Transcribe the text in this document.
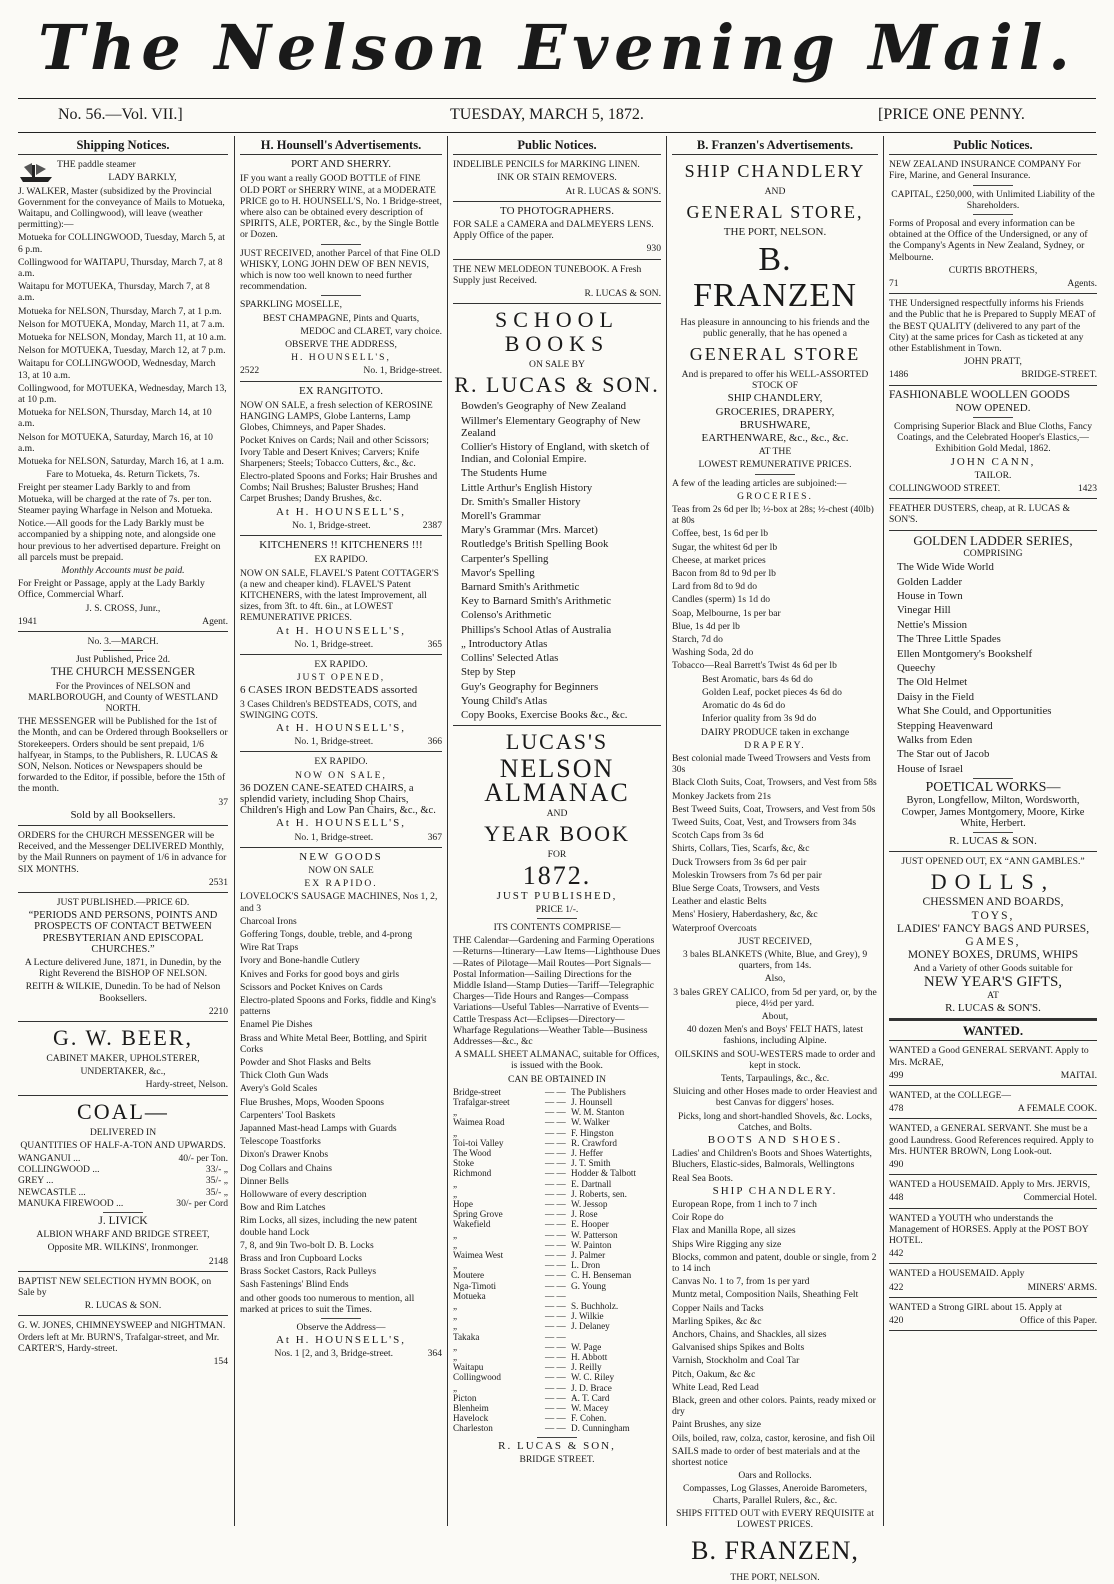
The Nelson Evening Mail.
No. 56.—Vol. VII.]	TUESDAY, MARCH 5, 1872.	[PRICE ONE PENNY.
Shipping Notices.

THE paddle steamer

LADY BARKLY,

J. WALKER, Master (subsidized by the Provincial Government for the conveyance of Mails to Motueka, Waitapu, and Collingwood), will leave (weather permitting):—

Motueka for COLLINGWOOD, Tuesday, March 5, at 6 p.m.

Collingwood for WAITAPU, Thursday, March 7, at 8 a.m.

Waitapu for MOTUEKA, Thursday, March 7, at 8 a.m.

Motueka for NELSON, Thursday, March 7, at 1 p.m.

Nelson for MOTUEKA, Monday, March 11, at 7 a.m.

Motueka for NELSON, Monday, March 11, at 10 a.m.

Nelson for MOTUEKA, Tuesday, March 12, at 7 p.m.

Waitapu for COLLINGWOOD, Wednesday, March 13, at 10 a.m.

Collingwood, for MOTUEKA, Wednesday, March 13, at 10 p.m.

Motueka for NELSON, Thursday, March 14, at 10 a.m.

Nelson for MOTUEKA, Saturday, March 16, at 10 a.m.

Motueka for NELSON, Saturday, March 16, at 1 a.m.

Fare to Motueka, 4s. Return Tickets, 7s.

Freight per steamer Lady Barkly to and from Motueka, will be charged at the rate of 7s. per ton. Steamer paying Wharfage in Nelson and Motueka.

Notice.—All goods for the Lady Barkly must be accompanied by a shipping note, and alongside one hour previous to her advertised departure. Freight on all parcels must be prepaid.

Monthly Accounts must be paid.

For Freight or Passage, apply at the Lady Barkly Office, Commercial Wharf.

J. S. CROSS, Junr.,

1941	Agent.

No. 3.—MARCH.

Just Published, Price 2d.

THE CHURCH MESSENGER

For the Provinces of NELSON and MARLBOROUGH, and County of WESTLAND NORTH.

THE MESSENGER will be Published for the 1st of the Month, and can be Ordered through Booksellers or Storekeepers. Orders should be sent prepaid, 1/6 halfyear, in Stamps, to the Publishers, R. LUCAS & SON, Nelson. Notices or Newspapers should be forwarded to the Editor, if possible, before the 15th of the month.

37

Sold by all Booksellers.

ORDERS for the CHURCH MESSENGER will be Received, and the Messenger DELIVERED Monthly, by the Mail Runners on payment of 1/6 in advance for SIX MONTHS.

2531

JUST PUBLISHED.—PRICE 6D.

“PERIODS AND PERSONS, POINTS AND PROSPECTS OF CONTACT BETWEEN PRESBYTERIAN AND EPISCOPAL CHURCHES.”

A Lecture delivered June, 1871, in Dunedin, by the Right Reverend the BISHOP OF NELSON.

REITH & WILKIE, Dunedin. To be had of Nelson Booksellers.

2210

G. W. BEER,

CABINET MAKER, UPHOLSTERER,

UNDERTAKER, &c.,

Hardy-street, Nelson.

COAL—

DELIVERED IN

QUANTITIES OF HALF-A-TON AND UPWARDS.

WANGANUI ...	40/- per Ton.
COLLINGWOOD ...	33/- „
GREY ...	35/- „
NEWCASTLE ...	35/- „
MANUKA FIREWOOD ...	30/- per Cord

J. LIVICK

ALBION WHARF AND BRIDGE STREET,

Opposite MR. WILKINS', Ironmonger.

2148

BAPTIST NEW SELECTION HYMN BOOK, on Sale by

R. LUCAS & SON.

G. W. JONES, CHIMNEYSWEEP and NIGHTMAN. Orders left at Mr. BURN'S, Trafalgar-street, and Mr. CARTER'S, Hardy-street.

154

H. Hounsell's Advertisements.

PORT AND SHERRY.

IF you want a really GOOD BOTTLE of FINE OLD PORT or SHERRY WINE, at a MODERATE PRICE go to H. HOUNSELL'S, No. 1 Bridge-street, where also can be obtained every description of SPIRITS, ALE, PORTER, &c., by the Single Bottle or Dozen.

JUST RECEIVED, another Parcel of that Fine OLD WHISKY, LONG JOHN DEW OF BEN NEVIS, which is now too well known to need further recommendation.

SPARKLING MOSELLE,

BEST CHAMPAGNE, Pints and Quarts,

MEDOC and CLARET, vary choice.

OBSERVE THE ADDRESS,

H. HOUNSELL'S,

2522	No. 1, Bridge-street.

EX RANGITOTO.

NOW ON SALE, a fresh selection of KEROSINE HANGING LAMPS, Globe Lanterns, Lamp Globes, Chimneys, and Paper Shades.

Pocket Knives on Cards; Nail and other Scissors; Ivory Table and Desert Knives; Carvers; Knife Sharpeners; Steels; Tobacco Cutters, &c., &c.

Electro-plated Spoons and Forks; Hair Brushes and Combs; Nail Brushes; Baluster Brushes; Hand Carpet Brushes; Dandy Brushes, &c.

At H. HOUNSELL'S,

No. 1, Bridge-street.	2387

KITCHENERS !! KITCHENERS !!!

EX RAPIDO.

NOW ON SALE, FLAVEL'S Patent COTTAGER'S (a new and cheaper kind). FLAVEL'S Patent KITCHENERS, with the latest Improvement, all sizes, from 3ft. to 4ft. 6in., at LOWEST REMUNERATIVE PRICES.

At H. HOUNSELL'S,

No. 1, Bridge-street.	365

EX RAPIDO.

JUST OPENED,

6 CASES IRON BEDSTEADS assorted

3 Cases Children's BEDSTEADS, COTS, and SWINGING COTS.

At H. HOUNSELL'S,

No. 1, Bridge-street.	366

EX RAPIDO.

NOW ON SALE,

36 DOZEN CANE-SEATED CHAIRS, a splendid variety, including Shop Chairs, Children's High and Low Pan Chairs, &c., &c.

At H. HOUNSELL'S,

No. 1, Bridge-street.	367

NEW GOODS

NOW ON SALE

EX RAPIDO.

LOVELOCK'S SAUSAGE MACHINES, Nos 1, 2, and 3

Charcoal Irons

Goffering Tongs, double, treble, and 4-prong

Wire Rat Traps

Ivory and Bone-handle Cutlery

Knives and Forks for good boys and girls

Scissors and Pocket Knives on Cards

Electro-plated Spoons and Forks, fiddle and King's patterns

Enamel Pie Dishes

Brass and White Metal Beer, Bottling, and Spirit Corks

Powder and Shot Flasks and Belts

Thick Cloth Gun Wads

Avery's Gold Scales

Flue Brushes, Mops, Wooden Spoons

Carpenters' Tool Baskets

Japanned Mast-head Lamps with Guards

Telescope Toastforks

Dixon's Drawer Knobs

Dog Collars and Chains

Dinner Bells

Hollowware of every description

Bow and Rim Latches

Rim Locks, all sizes, including the new patent double hand Lock

7, 8, and 9in Two-bolt D. B. Locks

Brass and Iron Cupboard Locks

Brass Socket Castors, Rack Pulleys

Sash Fastenings' Blind Ends

and other goods too numerous to mention, all marked at prices to suit the Times.

Observe the Address—

At H. HOUNSELL'S,

Nos. 1 [2, and 3, Bridge-street.	364
Public Notices.

INDELIBLE PENCILS for MARKING LINEN.

INK OR STAIN REMOVERS.

At R. LUCAS & SON'S.

TO PHOTOGRAPHERS.

FOR SALE a CAMERA and DALMEYERS LENS. Apply Office of the paper.

930

THE NEW MELODEON TUNEBOOK. A Fresh Supply just Received.

R. LUCAS & SON.

SCHOOL BOOKS

ON SALE BY

R. LUCAS & SON.

Bowden's Geography of New Zealand

Willmer's Elementary Geography of New Zealand

Collier's History of England, with sketch of Indian, and Colonial Empire.

The Students Hume

Little Arthur's English History

Dr. Smith's Smaller History

Morell's Grammar

Mary's Grammar (Mrs. Marcet)

Routledge's British Spelling Book

Carpenter's Spelling

Mavor's Spelling

Barnard Smith's Arithmetic

Key to Barnard Smith's Arithmetic

Colenso's Arithmetic

Phillips's School Atlas of Australia

„ Introductory Atlas

Collins' Selected Atlas

Step by Step

Guy's Geography for Beginners

Young Child's Atlas

Copy Books, Exercise Books &c., &c.

LUCAS'S
NELSON ALMANAC

AND

YEAR BOOK

FOR

1872.

JUST PUBLISHED,

PRICE 1/-.

ITS CONTENTS COMPRISE—

THE Calendar—Gardening and Farming Operations—Returns—Itinerary—Law Items—Lighthouse Dues—Rates of Pilotage—Mail Routes—Port Signals—Postal Information—Sailing Directions for the Middle Island—Stamp Duties—Tariff—Telegraphic Charges—Tide Hours and Ranges—Compass Variations—Useful Tables—Narrative of Events—Cattle Trespass Act—Eclipses—Directory—Wharfage Regulations—Weather Table—Business Addresses—&c., &c

A SMALL SHEET ALMANAC, suitable for Offices, is issued with the Book.

CAN BE OBTAINED IN

Bridge-street	— — The Publishers
Trafalgar-street	— — J. Hounsell
„	— — W. M. Stanton
Waimea Road	— — W. Walker
„	— — F. Hingston
Toi-toi Valley	— — R. Crawford
The Wood	— — J. Heffer
Stoke	— — J. T. Smith
Richmond	— — Hodder & Talbott
„	— — E. Dartnall
„	— — J. Roberts, sen.
Hope	— — W. Jessop
Spring Grove	— — J. Rose
Wakefield	— — E. Hooper
„	— — W. Patterson
„	— — W. Painton
Waimea West	— — J. Palmer
„	— — L. Dron
Moutere	— — C. H. Benseman
Nga-Timoti	— — G. Young
Motueka	— —
„	— — S. Buchholz.
„	— — J. Wilkie
„	— — J. Delaney
Takaka	— —
„	— — W. Page
„	— — H. Abbott
Waitapu	— — J. Reilly
Collingwood	— — W. C. Riley
„	— — J. D. Brace
Picton	— — A. T. Card
Blenheim	— — W. Macey
Havelock	— — F. Cohen.
Charleston	— — D. Cunningham

R. LUCAS & SON,

BRIDGE STREET.

B. Franzen's Advertisements.
SHIP CHANDLERY

AND

GENERAL STORE,

THE PORT, NELSON.

B. FRANZEN

Has pleasure in announcing to his friends and the public generally, that he has opened a

GENERAL STORE

And is prepared to offer his WELL-ASSORTED STOCK OF

SHIP CHANDLERY,

GROCERIES, DRAPERY,

BRUSHWARE,

EARTHENWARE, &c., &c., &c.

AT THE

LOWEST REMUNERATIVE PRICES.

A few of the leading articles are subjoined:—

GROCERIES.

Teas from 2s 6d per lb; ½-box at 28s; ½-chest (40lb) at 80s

Coffee, best, 1s 6d per lb

Sugar, the whitest 6d per lb

Cheese, at market prices

Bacon from 8d to 9d per lb

Lard from 8d to 9d do

Candles (sperm) 1s 1d do

Soap, Melbourne, 1s per bar

Blue, 1s 4d per lb

Starch, 7d do

Washing Soda, 2d do

Tobacco—Real Barrett's Twist 4s 6d per lb

Best Aromatic, bars 4s 6d do

Golden Leaf, pocket pieces 4s 6d do

Aromatic do 4s 6d do

Inferior quality from 3s 9d do

DAIRY PRODUCE taken in exchange

DRAPERY.

Best colonial made Tweed Trowsers and Vests from 30s

Black Cloth Suits, Coat, Trowsers, and Vest from 58s

Monkey Jackets from 21s

Best Tweed Suits, Coat, Trowsers, and Vest from 50s

Tweed Suits, Coat, Vest, and Trowsers from 34s

Scotch Caps from 3s 6d

Shirts, Collars, Ties, Scarfs, &c, &c

Duck Trowsers from 3s 6d per pair

Moleskin Trowsers from 7s 6d per pair

Blue Serge Coats, Trowsers, and Vests

Leather and elastic Belts

Mens' Hosiery, Haberdashery, &c, &c

Waterproof Overcoats

JUST RECEIVED,

3 bales BLANKETS (White, Blue, and Grey), 9 quarters, from 14s.

Also,

3 bales GREY CALICO, from 5d per yard, or, by the piece, 4½d per yard.

About,

40 dozen Men's and Boys' FELT HATS, latest fashions, including Alpine.

OILSKINS and SOU-WESTERS made to order and kept in stock.

Tents, Tarpaulings, &c., &c.

Sluicing and other Hoses made to order Heaviest and best Canvas for diggers' hoses.

Picks, long and short-handled Shovels, &c. Locks, Catches, and Bolts.

BOOTS AND SHOES.

Ladies' and Children's Boots and Shoes Watertights, Bluchers, Elastic-sides, Balmorals, Wellingtons

Real Sea Boots.

SHIP CHANDLERY.

European Rope, from 1 inch to 7 inch

Coir Rope do

Flax and Manilla Rope, all sizes

Ships Wire Rigging any size

Blocks, common and patent, double or single, from 2 to 14 inch

Canvas No. 1 to 7, from 1s per yard

Muntz metal, Composition Nails, Sheathing Felt

Copper Nails and Tacks

Marling Spikes, &c &c

Anchors, Chains, and Shackles, all sizes

Galvanised ships Spikes and Bolts

Varnish, Stockholm and Coal Tar

Pitch, Oakum, &c &c

White Lead, Red Lead

Black, green and other colors. Paints, ready mixed or dry

Paint Brushes, any size

Oils, boiled, raw, colza, castor, kerosine, and fish Oil

SAILS made to order of best materials and at the shortest notice

Oars and Rollocks.

Compasses, Log Glasses, Aneroide Barometers, Charts, Parallel Rulers, &c., &c.

SHIPS FITTED OUT with EVERY REQUISITE at LOWEST PRICES.

B. FRANZEN,

THE PORT, NELSON.

Public Notices.

NEW ZEALAND INSURANCE COMPANY For Fire, Marine, and General Insurance.

CAPITAL, £250,000, with Unlimited Liability of the Shareholders.

Forms of Proposal and every information can be obtained at the Office of the Undersigned, or any of the Company's Agents in New Zealand, Sydney, or Melbourne.

CURTIS BROTHERS,

71	Agents.

THE Undersigned respectfully informs his Friends and the Public that he is Prepared to Supply MEAT of the BEST QUALITY (delivered to any part of the City) at the same prices for Cash as ticketed at any other Establishment in Town.

JOHN PRATT,

1486	BRIDGE-STREET.

FASHIONABLE WOOLLEN GOODS

NOW OPENED.

Comprising Superior Black and Blue Cloths, Fancy Coatings, and the Celebrated Hooper's Elastics,—Exhibition Gold Medal, 1862.

JOHN CANN,

TAILOR.

COLLINGWOOD STREET.	1423

FEATHER DUSTERS, cheap, at R. LUCAS & SON'S.

GOLDEN LADDER SERIES,

COMPRISING

The Wide Wide World

Golden Ladder

House in Town

Vinegar Hill

Nettie's Mission

The Three Little Spades

Ellen Montgomery's Bookshelf

Queechy

The Old Helmet

Daisy in the Field

What She Could, and Opportunities

Stepping Heavenward

Walks from Eden

The Star out of Jacob

House of Israel

POETICAL WORKS—

Byron, Longfellow, Milton, Wordsworth, Cowper, James Montgomery, Moore, Kirke White, Herbert.

R. LUCAS & SON.

JUST OPENED OUT, EX “ANN GAMBLES.”

DOLLS,

CHESSMEN AND BOARDS,

TOYS,

LADIES' FANCY BAGS AND PURSES,

GAMES,

MONEY BOXES, DRUMS, WHIPS

And a Variety of other Goods suitable for

NEW YEAR'S GIFTS,

AT

R. LUCAS & SON'S.

WANTED.

WANTED a Good GENERAL SERVANT. Apply to Mrs. McRAE,

499	MAITAI.

WANTED, at the COLLEGE—

478	A FEMALE COOK.

WANTED, a GENERAL SERVANT. She must be a good Laundress. Good References required. Apply to Mrs. HUNTER BROWN, Long Look-out.

490

WANTED a HOUSEMAID. Apply to Mrs. JERVIS,

448	Commercial Hotel.

WANTED a YOUTH who understands the Management of HORSES. Apply at the POST BOY HOTEL.

442

WANTED a HOUSEMAID. Apply

422	MINERS' ARMS.

WANTED a Strong GIRL about 15. Apply at

420	Office of this Paper.
